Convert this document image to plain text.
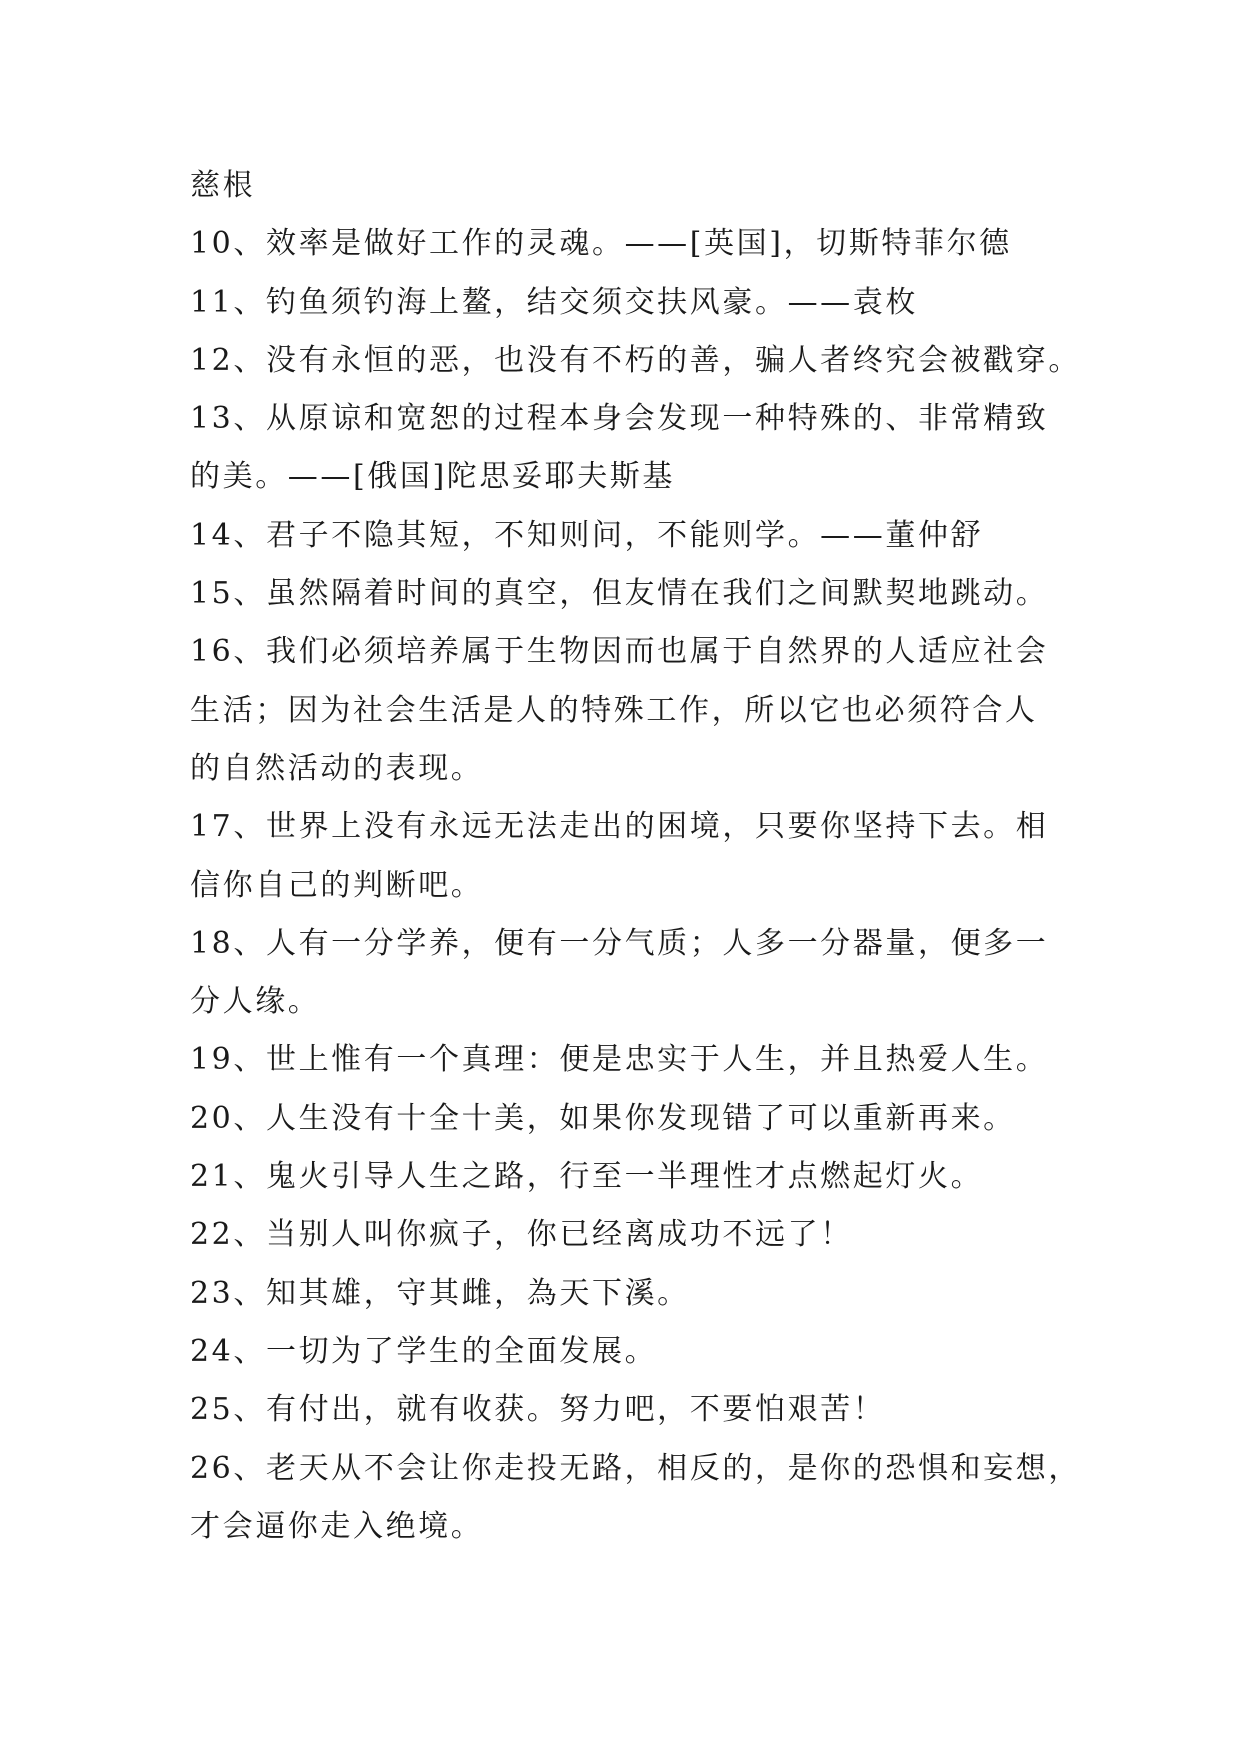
慈根
10、效率是做好工作的灵魂。——[英国]，切斯特菲尔德
11、钓鱼须钓海上鳌，结交须交扶风豪。——袁枚
12、没有永恒的恶，也没有不朽的善，骗人者终究会被戳穿。
13、从原谅和宽恕的过程本身会发现一种特殊的、非常精致
的美。——[俄国]陀思妥耶夫斯基
14、君子不隐其短，不知则问，不能则学。——董仲舒
15、虽然隔着时间的真空，但友情在我们之间默契地跳动。
16、我们必须培养属于生物因而也属于自然界的人适应社会
生活；因为社会生活是人的特殊工作，所以它也必须符合人
的自然活动的表现。
17、世界上没有永远无法走出的困境，只要你坚持下去。相
信你自己的判断吧。
18、人有一分学养，便有一分气质；人多一分器量，便多一
分人缘。
19、世上惟有一个真理：便是忠实于人生，并且热爱人生。
20、人生没有十全十美，如果你发现错了可以重新再来。
21、鬼火引导人生之路，行至一半理性才点燃起灯火。
22、当别人叫你疯子，你已经离成功不远了！
23、知其雄，守其雌，為天下溪。
24、一切为了学生的全面发展。
25、有付出，就有收获。努力吧，不要怕艰苦！
26、老天从不会让你走投无路，相反的，是你的恐惧和妄想，
才会逼你走入绝境。
